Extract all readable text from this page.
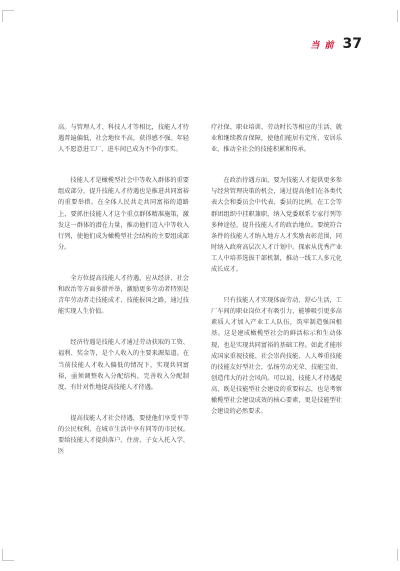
当 前 37

高。与管理人才、科技人才等相比，技能人才待遇普遍偏低，社会地位不高，获得感不强。年轻人不愿意进工厂、进车间已成为不争的事实。

技能人才是橄榄型社会中等收入群体的重要组成部分，提升技能人才待遇也是推进共同富裕的重要举措。在全体人民共走共同富裕的道路上，要抓住技能人才这个重点群体精准施策，激发这一群体的潜在力量，推动他们迈入中等收入行列，使他们成为橄榄型社会结构的主要组成部分。

全方位提高技能人才待遇，应从经济、社会和政治等方面多措并举，激励更多劳动者特别是青年劳动者走技能成才、技能报国之路，通过技能实现人生价值。

经济待遇是技能人才通过劳动获取的工资、福利、奖金等，是个人收入的主要来源渠道。在当前技能人才收入偏低的情况下，实现共同富裕，亟须调整收入分配结构，完善收入分配制度，有针对性地提高技能人才待遇。

提高技能人才社会待遇，要使他们享受平等的公民权利，在城市生活中享有同等的市民权。要给技能人才提供落户、住房、子女入托入学、医

疗社保、职业培训、劳动时长等相应的生活、就业和继续教育保障，使他们能居有定所、安居乐业，推动全社会的技能积累和传承。

在政治待遇方面，要为技能人才提供更多参与经营管理决策的机会，通过提高他们在各类代表大会和委员会中代表、委员的比例，在工会等群团组织中挂职兼职，纳入党委联系专家行列等多种途径，提升技能人才的政治地位。要统符合条件的技能人才纳入地方人才奖励表彰范围，同时纳入政府高层次人才计划中。探索从优秀产业工人中培养选拔干部机制，推动一线工人多元化成长成才。

只有技能人才实现体面劳动、舒心生活，工厂车间的职业岗位才有吸引力，能够吸引更多高素质人才加入产业工人队伍，筑牢制造强国根基。这是建成橄榄型社会的鲜活标示和生动体现，也是实现共同富裕的基础工程。如此才能形成国家重视技能、社会崇尚技能、人人尊重技能的技能友好型社会，弘扬劳动光荣、技能宝贵、创造伟大的社会风尚。可以说，技能人才待遇提高，既是技能型社会建设的重要标志，也是考察橄榄型社会建设成效的核心要素，更是技能型社会建设的必然要求。
